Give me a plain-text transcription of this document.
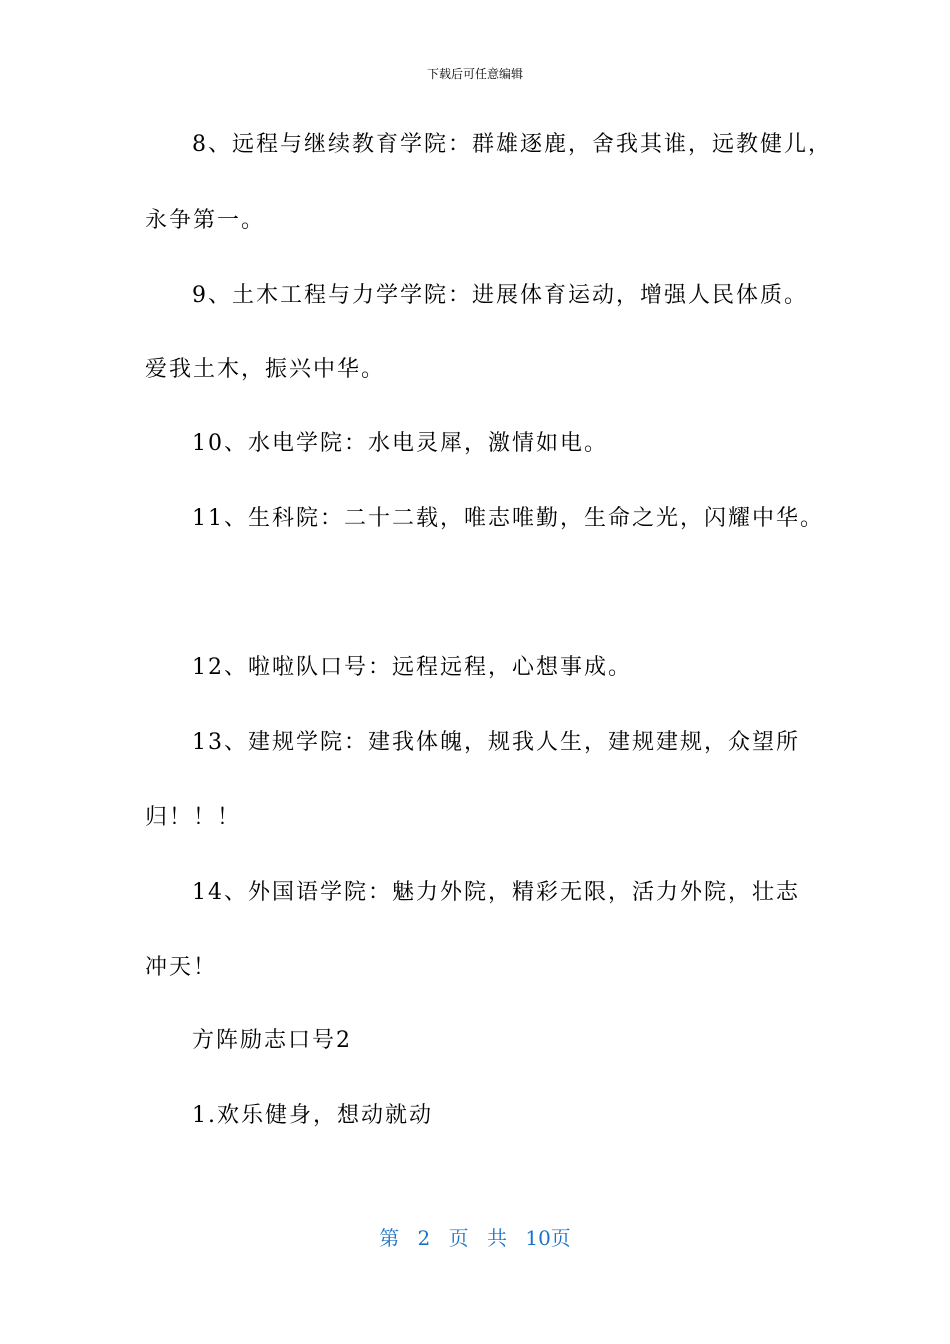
下载后可任意编辑
8、远程与继续教育学院：群雄逐鹿，舍我其谁，远教健儿，
永争第一。
9、土木工程与力学学院：进展体育运动，增强人民体质。
爱我土木，振兴中华。
10、水电学院：水电灵犀，激情如电。
11、生科院：二十二载，唯志唯勤，生命之光，闪耀中华。
12、啦啦队口号：远程远程，心想事成。
13、建规学院：建我体魄，规我人生，建规建规，众望所
归！！！
14、外国语学院：魅力外院，精彩无限，活力外院，壮志
冲天！
方阵励志口号2
1.欢乐健身，想动就动
第 2 页 共 10页
